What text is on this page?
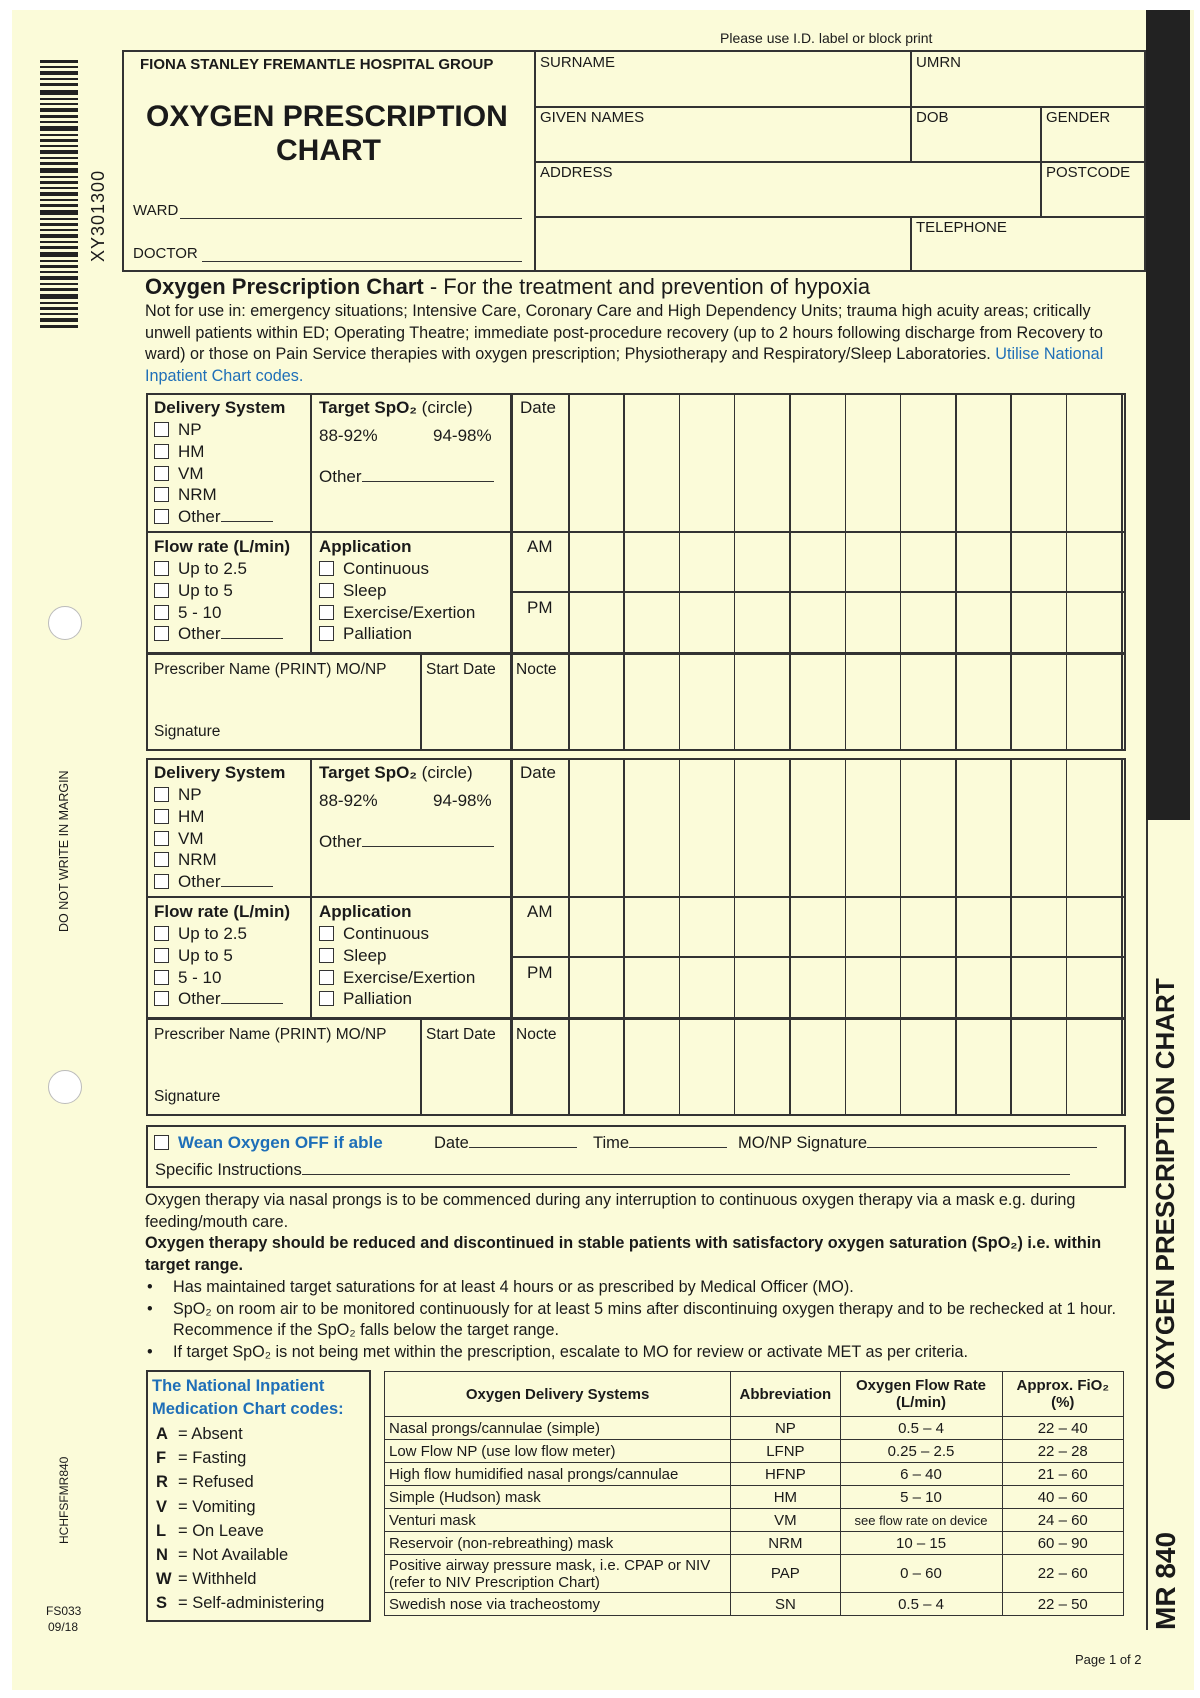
XY301300
DO NOT WRITE IN MARGIN
HCHFSFMR840
FS033
09/18
OXYGEN PRESCRIPTION CHART
MR 840
Page 1 of 2
Please use I.D. label or block print
FIONA STANLEY FREMANTLE HOSPITAL GROUP
OXYGEN PRESCRIPTION
CHART
WARD
DOCTOR
SURNAME	UMRN
GIVEN NAMES	DOB	GENDER
ADDRESS	POSTCODE
TELEPHONE
Oxygen Prescription Chart - For the treatment and prevention of hypoxia
Not for use in: emergency situations; Intensive Care, Coronary Care and High Dependency Units; trauma high acuity areas; critically unwell patients within ED; Operating Theatre; immediate post-procedure recovery (up to 2 hours following discharge from Recovery to ward) or those on Pain Service therapies with oxygen prescription; Physiotherapy and Respiratory/Sleep Laboratories. Utilise National Inpatient Chart codes.
Delivery System
NP
HM
VM
NRM
Other
Target SpO₂ (circle)
88-92%	94-98%
Other
Date
Flow rate (L/min)
Up to 2.5
Up to 5
5 - 10
Other
Application
Continuous
Sleep
Exercise/Exertion
Palliation
AM
PM
Prescriber Name (PRINT) MO/NP	Start Date Nocte
Signature
Delivery System
NP
HM
VM
NRM
Other
Target SpO₂ (circle)
88-92%	94-98%
Other
Date
Flow rate (L/min)
Up to 2.5
Up to 5
5 - 10
Other
Application
Continuous
Sleep
Exercise/Exertion
Palliation
AM
PM
Prescriber Name (PRINT) MO/NP	Start Date Nocte
Signature
Wean Oxygen OFF if able	Date	Time	MO/NP Signature
Specific Instructions
Oxygen therapy via nasal prongs is to be commenced during any interruption to continuous oxygen therapy via a mask e.g. during feeding/mouth care.
Oxygen therapy should be reduced and discontinued in stable patients with satisfactory oxygen saturation (SpO₂) i.e. within target range.
• Has maintained target saturations for at least 4 hours or as prescribed by Medical Officer (MO).
• SpO₂ on room air to be monitored continuously for at least 5 mins after discontinuing oxygen therapy and to be rechecked at 1 hour. Recommence if the SpO₂ falls below the target range.
• If target SpO₂ is not being met within the prescription, escalate to MO for review or activate MET as per criteria.
The National Inpatient Medication Chart codes:
A = Absent
F = Fasting
R = Refused
V = Vomiting
L = On Leave
N = Not Available
W = Withheld
S = Self-administering
Oxygen Delivery Systems	Abbreviation	Oxygen Flow Rate (L/min)	Approx. FiO₂ (%)
Nasal prongs/cannulae (simple)	NP	0.5 – 4	22 – 40
Low Flow NP (use low flow meter)	LFNP	0.25 – 2.5	22 – 28
High flow humidified nasal prongs/cannulae	HFNP	6 – 40	21 – 60
Simple (Hudson) mask	HM	5 – 10	40 – 60
Venturi mask	VM	see flow rate on device	24 – 60
Reservoir (non-rebreathing) mask	NRM	10 – 15	60 – 90
Positive airway pressure mask, i.e. CPAP or NIV (refer to NIV Prescription Chart)	PAP	0 – 60	22 – 60
Swedish nose via tracheostomy	SN	0.5 – 4	22 – 50
